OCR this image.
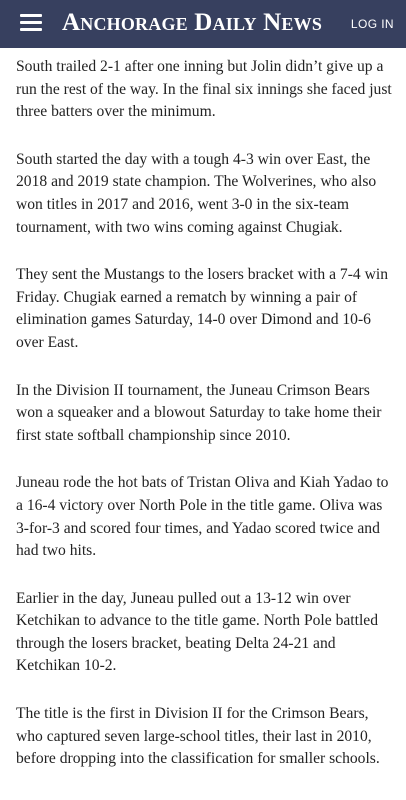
Anchorage Daily News LOG IN

South trailed 2-1 after one inning but Jolin didn’t give up a run the rest of the way. In the final six innings she faced just three batters over the minimum.

South started the day with a tough 4-3 win over East, the 2018 and 2019 state champion. The Wolverines, who also won titles in 2017 and 2016, went 3-0 in the six-team tournament, with two wins coming against Chugiak.

They sent the Mustangs to the losers bracket with a 7-4 win Friday. Chugiak earned a rematch by winning a pair of elimination games Saturday, 14-0 over Dimond and 10-6 over East.

In the Division II tournament, the Juneau Crimson Bears won a squeaker and a blowout Saturday to take home their first state softball championship since 2010.

Juneau rode the hot bats of Tristan Oliva and Kiah Yadao to a 16-4 victory over North Pole in the title game. Oliva was 3-for-3 and scored four times, and Yadao scored twice and had two hits.

Earlier in the day, Juneau pulled out a 13-12 win over Ketchikan to advance to the title game. North Pole battled through the losers bracket, beating Delta 24-21 and Ketchikan 10-2.

The title is the first in Division II for the Crimson Bears, who captured seven large-school titles, their last in 2010, before dropping into the classification for smaller schools.
